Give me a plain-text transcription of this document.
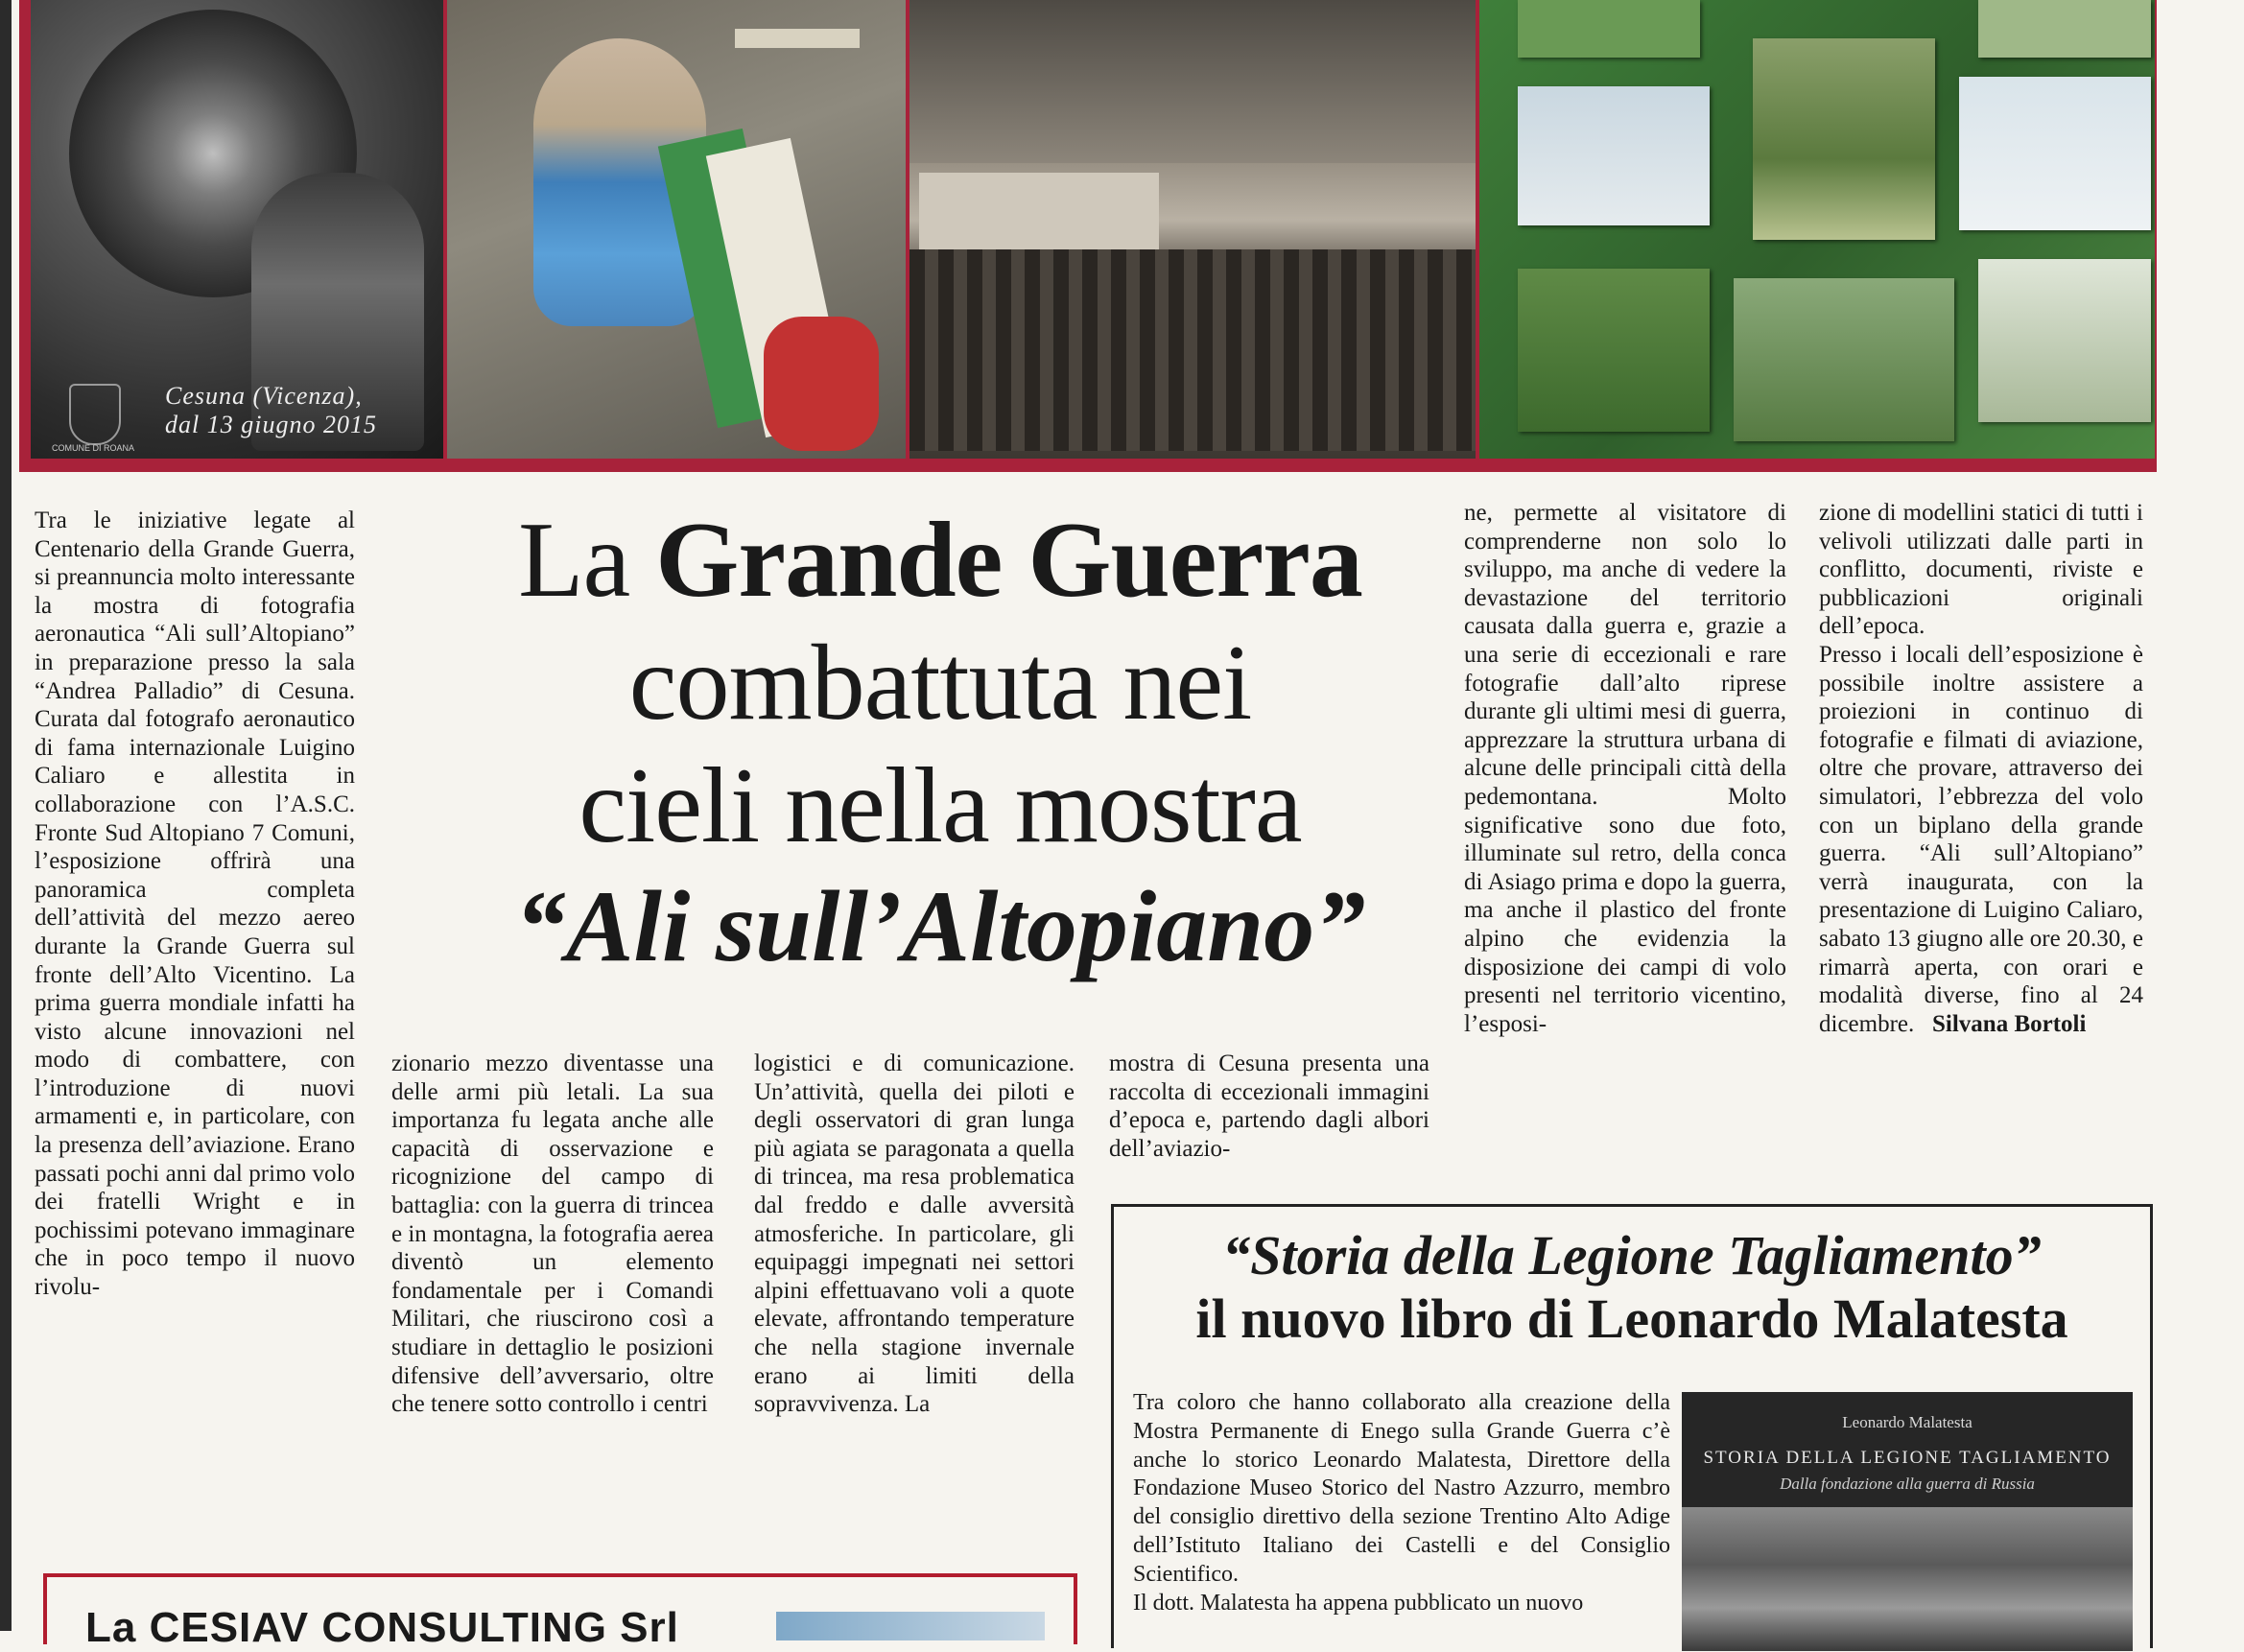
COMUNE DI ROANA
Cesuna (Vicenza),
dal 13 giugno 2015

La Grande Guerra

combattuta nei

cieli nella mostra

“Ali sull’Altopiano”

Tra le iniziative legate al Centenario della Grande Guerra, si preannuncia molto interessante la mostra di fotografia aeronautica “Ali sull’Altopiano” in preparazione presso la sala “Andrea Palladio” di Cesuna. Curata dal fotografo aeronautico di fama internazionale Luigino Caliaro e allestita in collaborazione con l’A.S.C. Fronte Sud Altopiano 7 Comuni, l’esposizione offrirà una panoramica completa dell’attività del mezzo aereo durante la Grande Guerra sul fronte dell’Alto Vicentino. La prima guerra mondiale infatti ha visto alcune innovazioni nel modo di combattere, con l’introduzione di nuovi armamenti e, in particolare, con la presenza dell’aviazione. Erano passati pochi anni dal primo volo dei fratelli Wright e in pochissimi potevano immaginare che in poco tempo il nuovo rivolu-

zionario mezzo diventasse una delle armi più letali. La sua importanza fu legata anche alle capacità di osservazione e ricognizione del campo di battaglia: con la guerra di trincea e in montagna, la fotografia aerea diventò un elemento fondamentale per i Comandi Militari, che riuscirono così a studiare in dettaglio le posizioni difensive dell’avversario, oltre che tenere sotto controllo i centri

logistici e di comunicazione. Un’attività, quella dei piloti e degli osservatori di gran lunga più agiata se paragonata a quella di trincea, ma resa problematica dal freddo e dalle avversità atmosferiche. In particolare, gli equipaggi impegnati nei settori alpini effettuavano voli a quote elevate, affrontando temperature che nella stagione invernale erano ai limiti della sopravvivenza. La

mostra di Cesuna presenta una raccolta di eccezionali immagini d’epoca e, partendo dagli albori dell’aviazio-

ne, permette al visitatore di comprenderne non solo lo sviluppo, ma anche di vedere la devastazione del territorio causata dalla guerra e, grazie a una serie di eccezionali e rare fotografie dall’alto riprese durante gli ultimi mesi di guerra, apprezzare la struttura urbana di alcune delle principali città della pedemontana. Molto significative sono due foto, illuminate sul retro, della conca di Asiago prima e dopo la guerra, ma anche il plastico del fronte alpino che evidenzia la disposizione dei campi di volo presenti nel territorio vicentino, l’esposi-

zione di modellini statici di tutti i velivoli utilizzati dalle parti in conflitto, documenti, riviste e pubblicazioni originali dell’epoca.

Presso i locali dell’esposizione è possibile inoltre assistere a proiezioni in continuo di fotografie e filmati di aviazione, oltre che provare, attraverso dei simulatori, l’ebbrezza del volo con un biplano della grande guerra. “Ali sull’Altopiano” verrà inaugurata, con la presentazione di Luigino Caliaro, sabato 13 giugno alle ore 20.30, e rimarrà aperta, con orari e modalità diverse, fino al 24 dicembre. Silvana Bortoli

“Storia della Legione Tagliamento”
il nuovo libro di Leonardo Malatesta
Tra coloro che hanno collaborato alla creazione della Mostra Permanente di Enego sulla Grande Guerra c’è anche lo storico Leonardo Malatesta, Direttore della Fondazione Museo Storico del Nastro Azzurro, membro del consiglio direttivo della sezione Trentino Alto Adige dell’Istituto Italiano dei Castelli e del Consiglio Scientifico.
Il dott. Malatesta ha appena pubblicato un nuovo
Leonardo Malatesta
STORIA DELLA LEGIONE TAGLIAMENTO
Dalla fondazione alla guerra di Russia
La CESIAV CONSULTING Srl
